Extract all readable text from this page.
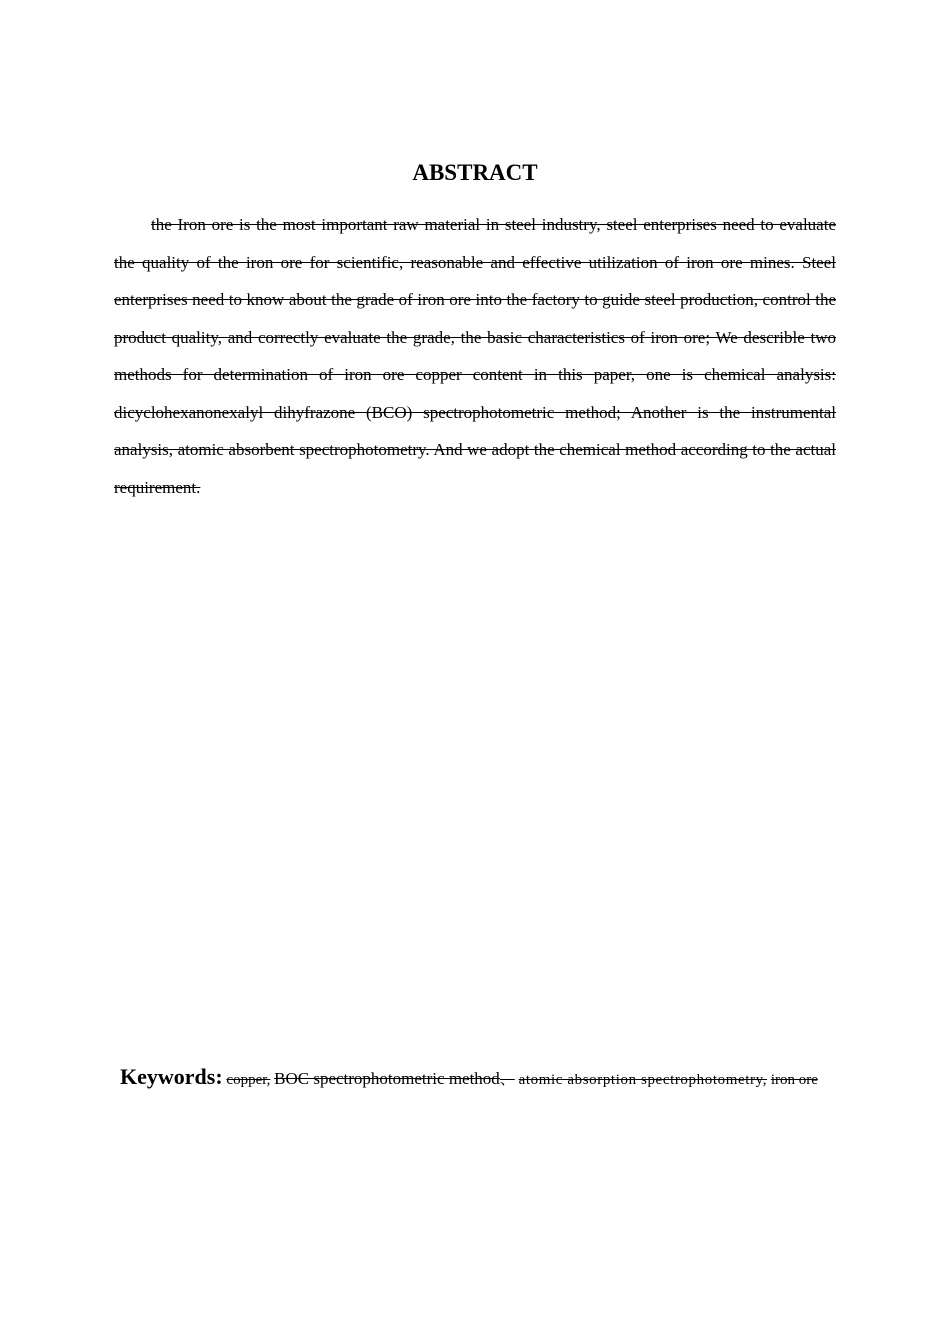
ABSTRACT

the Iron ore is the most important raw material in steel industry, steel enterprises need to evaluate the quality of the iron ore for scientific, reasonable and effective utilization of iron ore mines. Steel enterprises need to know about the grade of iron ore into the factory to guide steel production, control the product quality, and correctly evaluate the grade, the basic characteristics of iron ore; We describle two methods for determination of iron ore copper content in this paper, one is chemical analysis: dicyclohexanonexalyl dihyfrazone (BCO) spectrophotometric method; Another is the instrumental analysis, atomic absorbent spectrophotometry. And we adopt the chemical method according to the actual requirement.

Keywords: copper, BOC spectrophotometric method、 atomic absorption spectrophotometry, iron ore
